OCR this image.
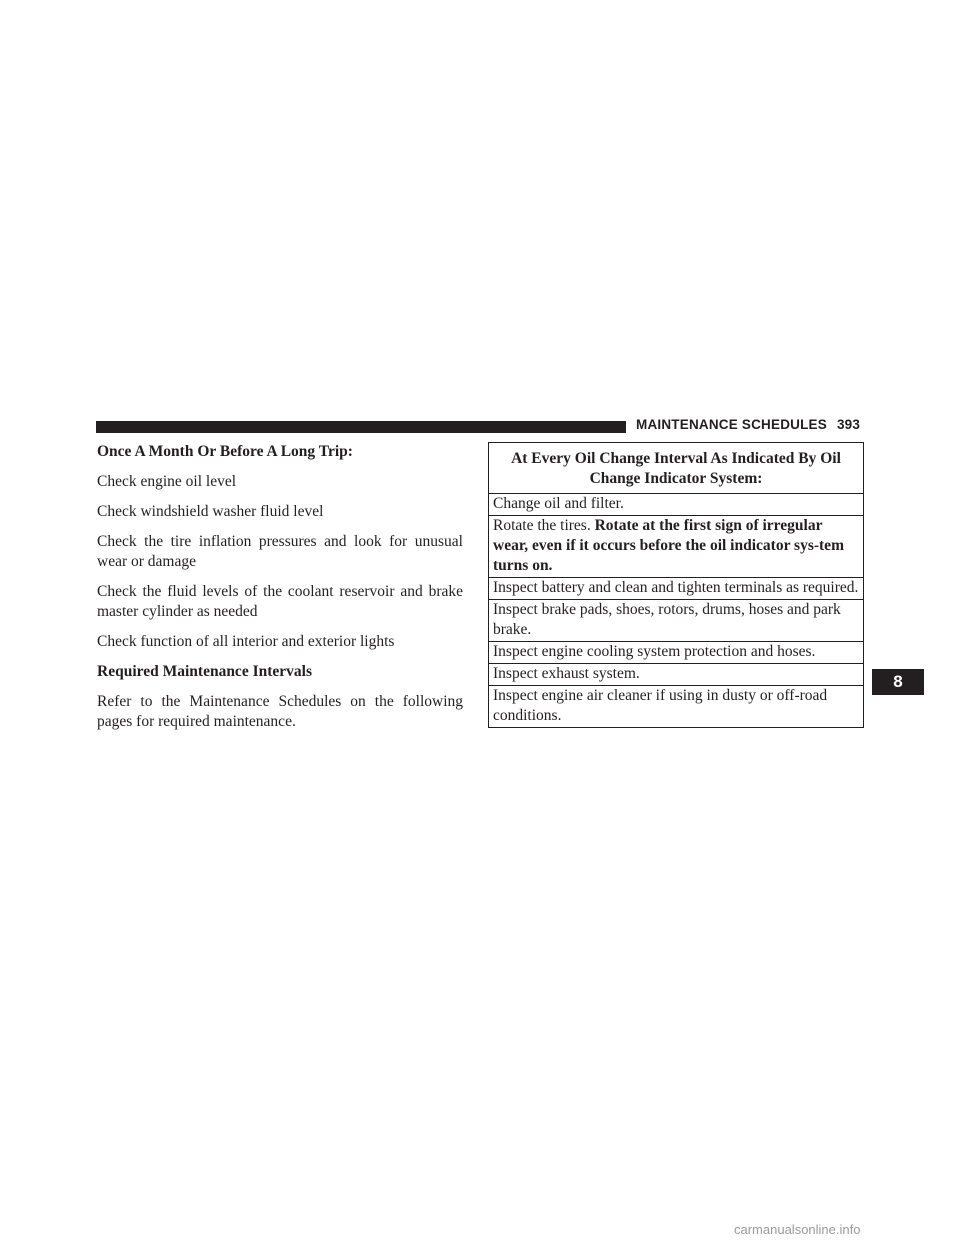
MAINTENANCE SCHEDULES 393

Once A Month Or Before A Long Trip:

Check engine oil level

Check windshield washer fluid level

Check the tire inflation pressures and look for unusual wear or damage

Check the fluid levels of the coolant reservoir and brake master cylinder as needed

Check function of all interior and exterior lights

Required Maintenance Intervals

Refer to the Maintenance Schedules on the following pages for required maintenance.

At Every Oil Change Interval As Indicated By Oil Change Indicator System:
Change oil and filter.
Rotate the tires. Rotate at the first sign of irregular wear, even if it occurs before the oil indicator sys-tem turns on.
Inspect battery and clean and tighten terminals as required.
Inspect brake pads, shoes, rotors, drums, hoses and park brake.
Inspect engine cooling system protection and hoses.
Inspect exhaust system.
Inspect engine air cleaner if using in dusty or off-road conditions.
8
carmanualsonline.info
